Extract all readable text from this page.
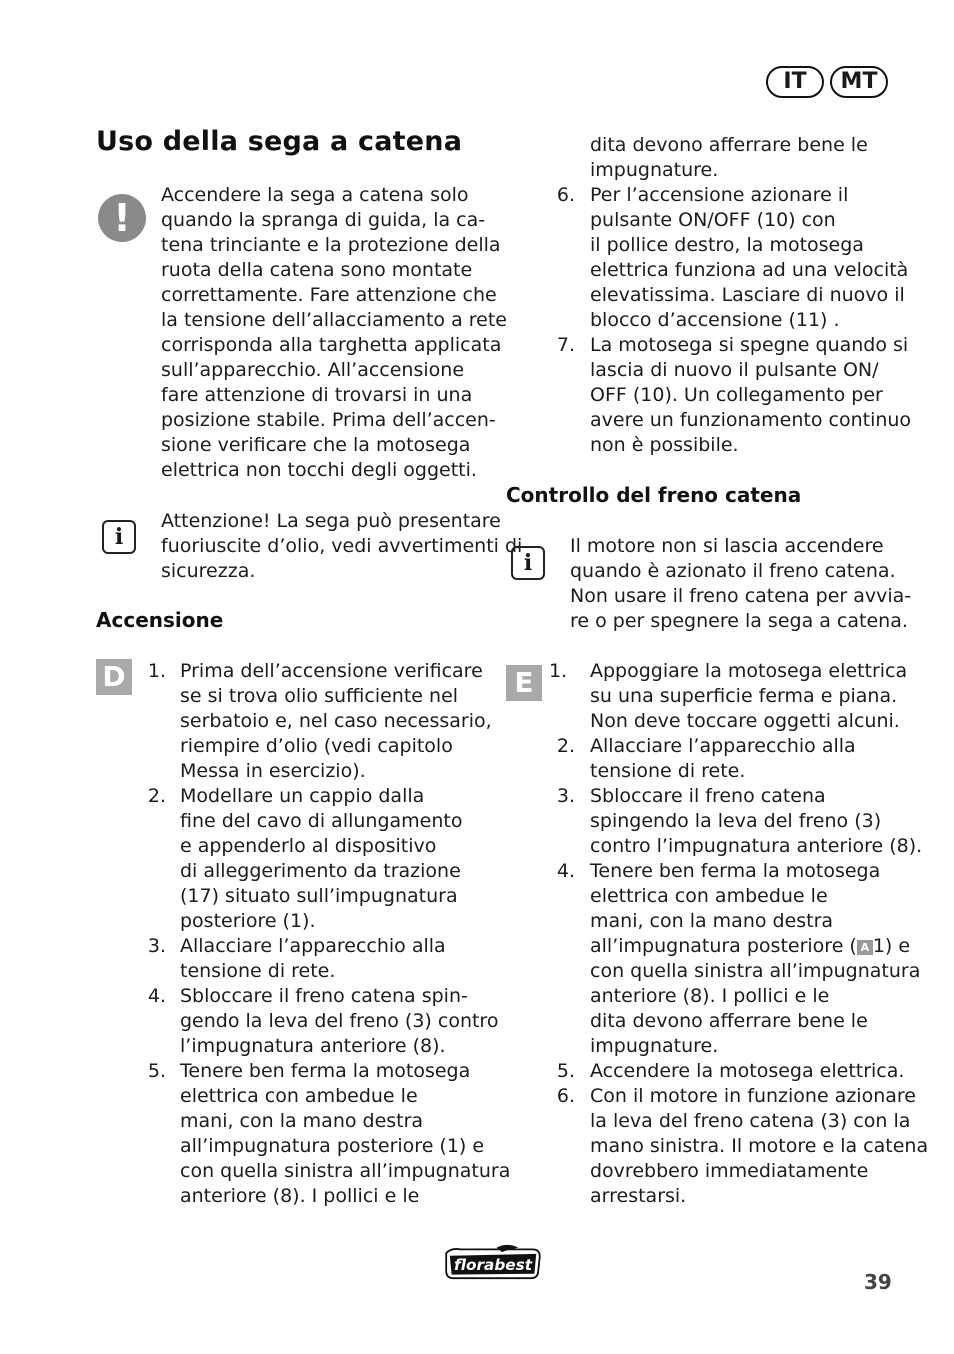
IT	MT
Uso della sega a catena
!

Accendere la sega a catena solo

quando la spranga di guida, la ca-

tena trinciante e la protezione della

ruota della catena sono montate

correttamente. Fare attenzione che

la tensione dell’allacciamento a rete

corrisponda alla targhetta applicata

sull’apparecchio. All’accensione

fare attenzione di trovarsi in una

posizione stabile. Prima dell’accen-

sione verificare che la motosega

elettrica non tocchi degli oggetti.

i

Attenzione! La sega può presentare

fuoriuscite d’olio, vedi avvertimenti di

sicurezza.

Accensione
D	1. Prima dell’accensione verificare

se si trova olio sufficiente nel

serbatoio e, nel caso necessario,

riempire d’olio (vedi capitolo

Messa in esercizio).

2. Modellare un cappio dalla

fine del cavo di allungamento

e appenderlo al dispositivo

di alleggerimento da trazione

(17) situato sull’impugnatura

posteriore (1).

3. Allacciare l’apparecchio alla

tensione di rete.

4. Sbloccare il freno catena spin-

gendo la leva del freno (3) contro

l’impugnatura anteriore (8).

5. Tenere ben ferma la motosega

elettrica con ambedue le

mani, con la mano destra

all’impugnatura posteriore (1) e

con quella sinistra all’impugnatura

anteriore (8). I pollici e le

dita devono afferrare bene le

impugnature.

6. Per l’accensione azionare il

pulsante ON/OFF (10) con

il pollice destro, la motosega

elettrica funziona ad una velocità

elevatissima. Lasciare di nuovo il

blocco d’accensione (11) .

7. La motosega si spegne quando si

lascia di nuovo il pulsante ON/

OFF (10). Un collegamento per

avere un funzionamento continuo

non è possibile.

Controllo del freno catena
i

Il motore non si lascia accendere

quando è azionato il freno catena.

Non usare il freno catena per avvia-

re o per spegnere la sega a catena.

E 1. Appoggiare la motosega elettrica

su una superficie ferma e piana.

Non deve toccare oggetti alcuni.

2. Allacciare l’apparecchio alla

tensione di rete.

3. Sbloccare il freno catena

spingendo la leva del freno (3)

contro l’impugnatura anteriore (8).

4. Tenere ben ferma la motosega

elettrica con ambedue le

mani, con la mano destra

all’impugnatura posteriore ( A 1) e

con quella sinistra all’impugnatura

anteriore (8). I pollici e le

dita devono afferrare bene le

impugnature.

5. Accendere la motosega elettrica.

6. Con il motore in funzione azionare

la leva del freno catena (3) con la

mano sinistra. Il motore e la catena

dovrebbero immediatamente

arrestarsi.

florabest
39
